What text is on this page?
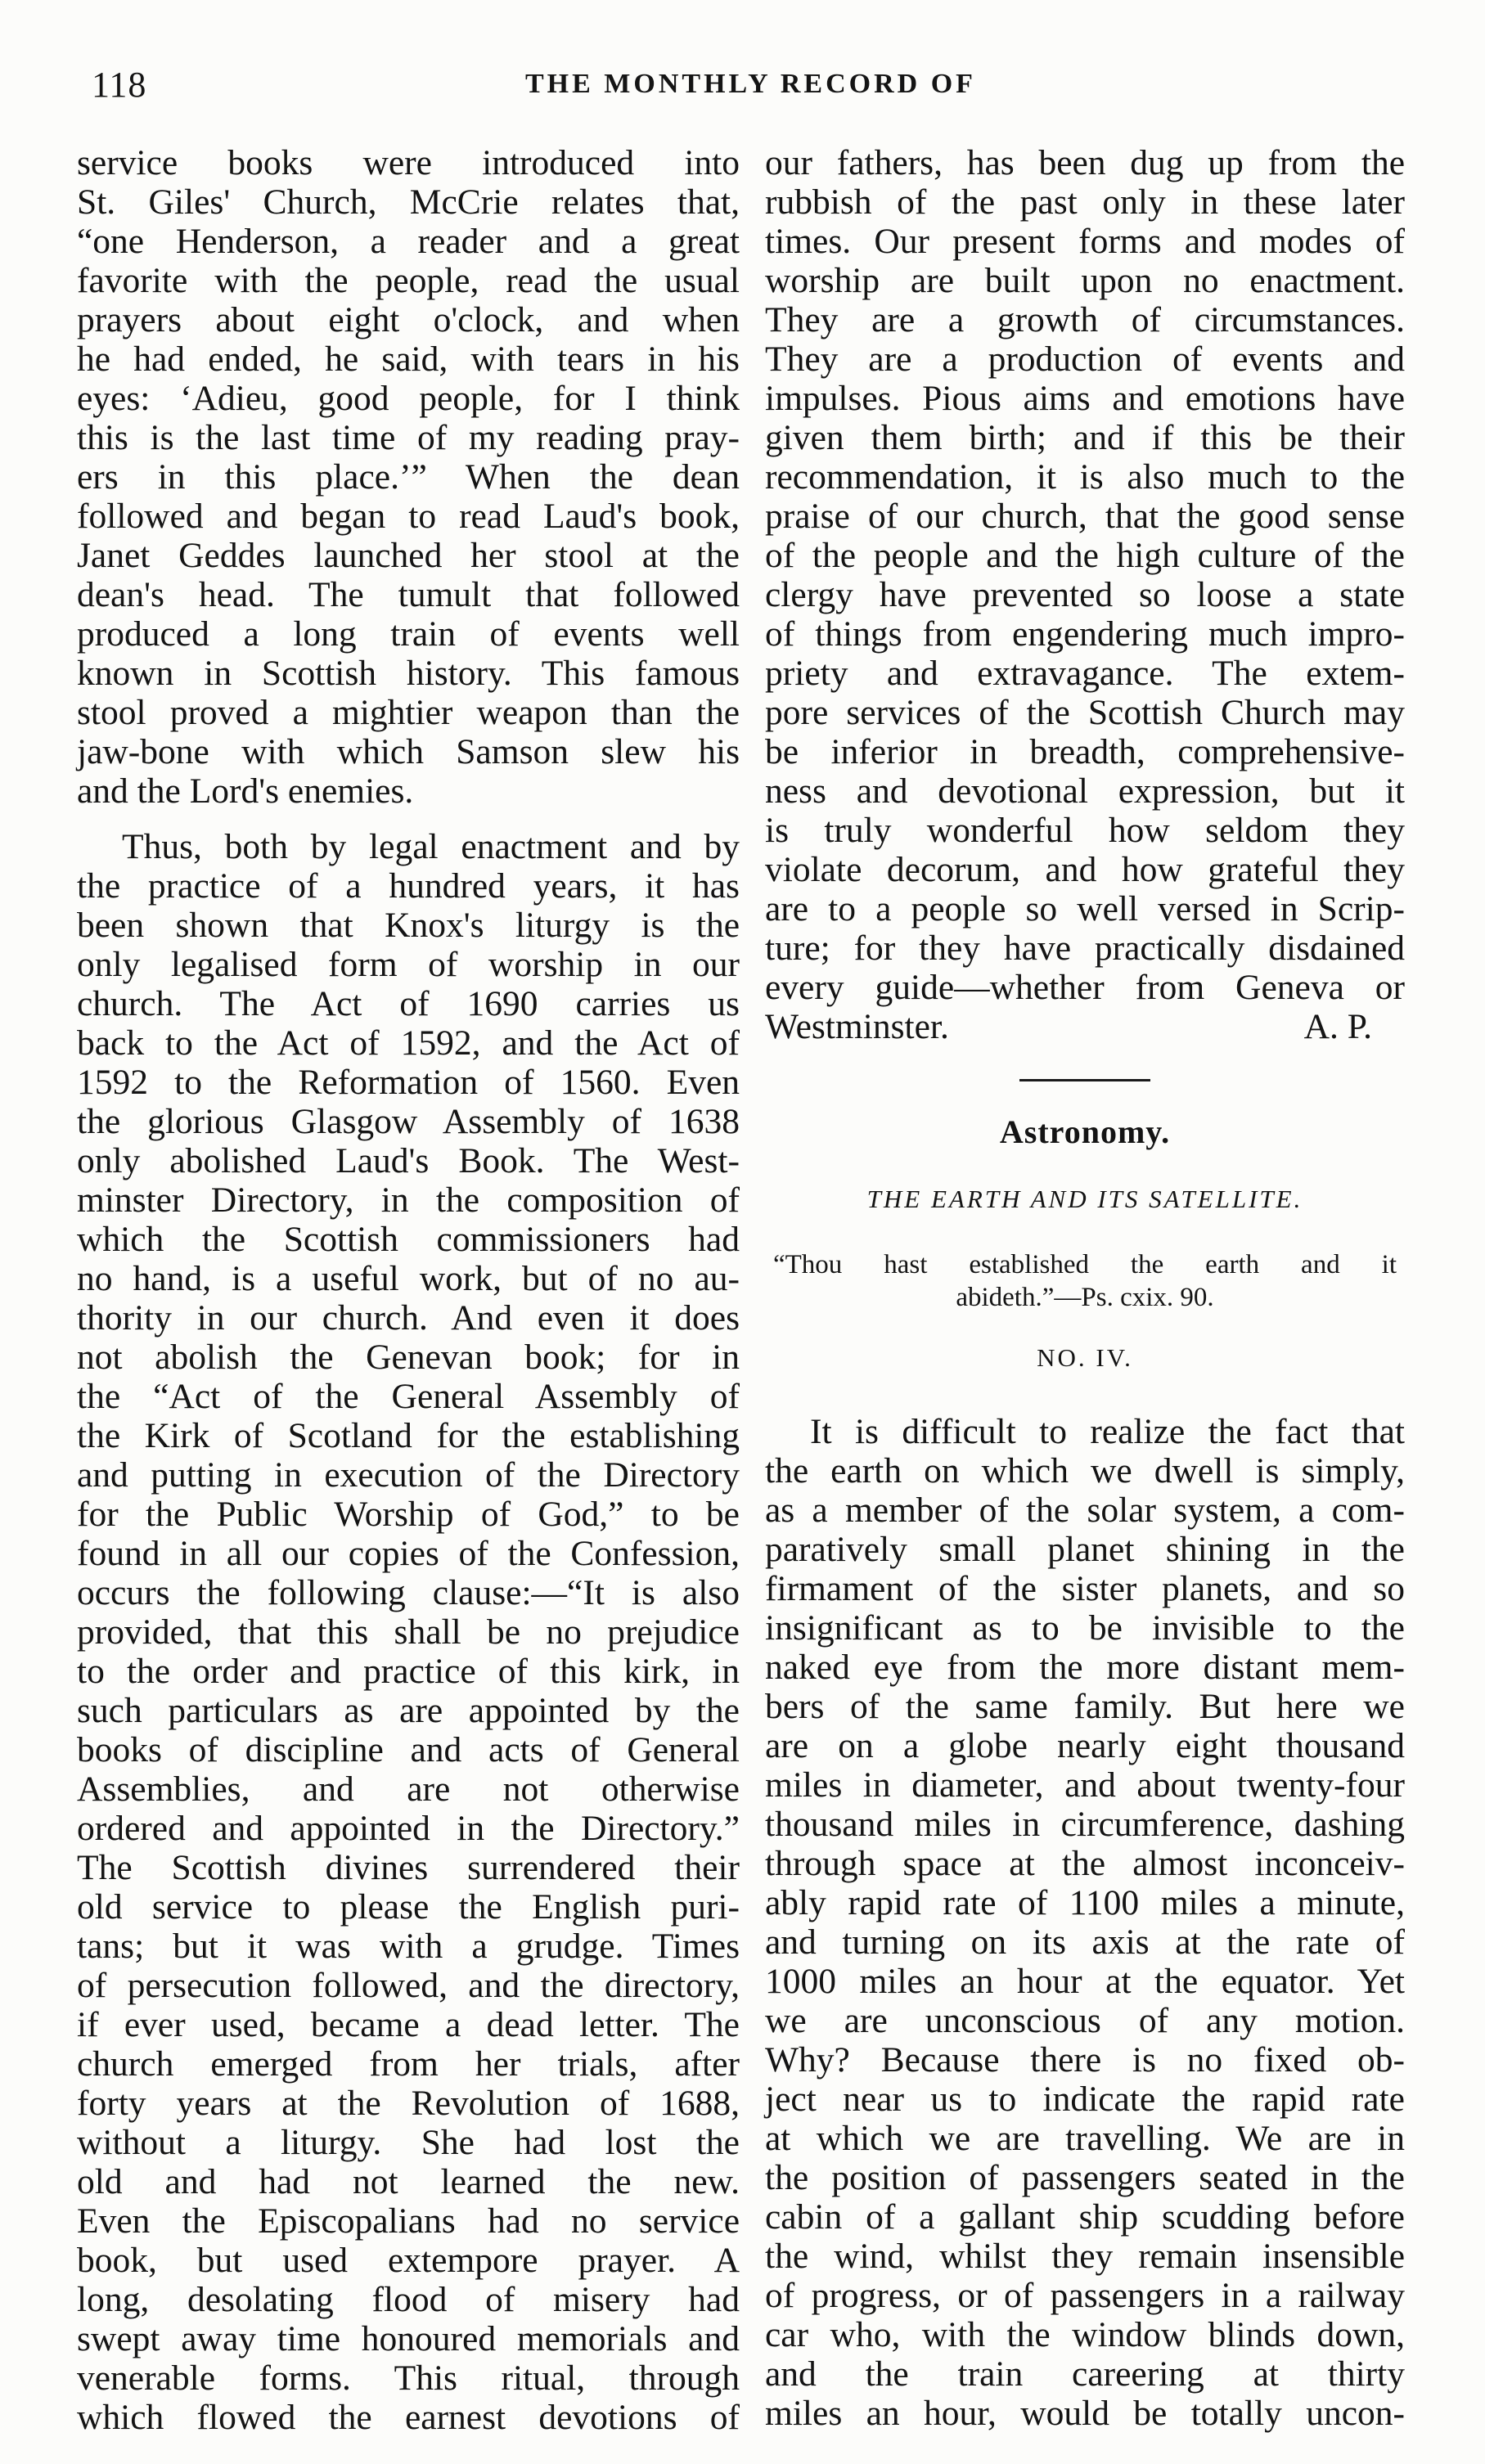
118	THE MONTHLY RECORD OF
service books were introduced into
St. Giles' Church, McCrie relates that,
“one Henderson, a reader and a great
favorite with the people, read the usual
prayers about eight o'clock, and when
he had ended, he said, with tears in his
eyes: ‘Adieu, good people, for I think
this is the last time of my reading pray-
ers in this place.’” When the dean
followed and began to read Laud's book,
Janet Geddes launched her stool at the
dean's head. The tumult that followed
produced a long train of events well
known in Scottish history. This famous
stool proved a mightier weapon than the
jaw-bone with which Samson slew his
and the Lord's enemies.
Thus, both by legal enactment and by
the practice of a hundred years, it has
been shown that Knox's liturgy is the
only legalised form of worship in our
church. The Act of 1690 carries us
back to the Act of 1592, and the Act of
1592 to the Reformation of 1560. Even
the glorious Glasgow Assembly of 1638
only abolished Laud's Book. The West-
minster Directory, in the composition of
which the Scottish commissioners had
no hand, is a useful work, but of no au-
thority in our church. And even it does
not abolish the Genevan book; for in
the “Act of the General Assembly of
the Kirk of Scotland for the establishing
and putting in execution of the Directory
for the Public Worship of God,” to be
found in all our copies of the Confession,
occurs the following clause:—“It is also
provided, that this shall be no prejudice
to the order and practice of this kirk, in
such particulars as are appointed by the
books of discipline and acts of General
Assemblies, and are not otherwise
ordered and appointed in the Directory.”
The Scottish divines surrendered their
old service to please the English puri-
tans; but it was with a grudge. Times
of persecution followed, and the directory,
if ever used, became a dead letter. The
church emerged from her trials, after
forty years at the Revolution of 1688,
without a liturgy. She had lost the
old and had not learned the new.
Even the Episcopalians had no service
book, but used extempore prayer. A
long, desolating flood of misery had
swept away time honoured memorials and
venerable forms. This ritual, through
which flowed the earnest devotions of
our fathers, has been dug up from the
rubbish of the past only in these later
times. Our present forms and modes of
worship are built upon no enactment.
They are a growth of circumstances.
They are a production of events and
impulses. Pious aims and emotions have
given them birth; and if this be their
recommendation, it is also much to the
praise of our church, that the good sense
of the people and the high culture of the
clergy have prevented so loose a state
of things from engendering much impro-
priety and extravagance. The extem-
pore services of the Scottish Church may
be inferior in breadth, comprehensive-
ness and devotional expression, but it
is truly wonderful how seldom they
violate decorum, and how grateful they
are to a people so well versed in Scrip-
ture; for they have practically disdained
every guide—whether from Geneva or
Westminster.	A. P.
Astronomy.
THE EARTH AND ITS SATELLITE.
“Thou hast established the earth and it
abideth.”—Ps. cxix. 90.
NO. IV.
It is difficult to realize the fact that
the earth on which we dwell is simply,
as a member of the solar system, a com-
paratively small planet shining in the
firmament of the sister planets, and so
insignificant as to be invisible to the
naked eye from the more distant mem-
bers of the same family. But here we
are on a globe nearly eight thousand
miles in diameter, and about twenty-four
thousand miles in circumference, dashing
through space at the almost inconceiv-
ably rapid rate of 1100 miles a minute,
and turning on its axis at the rate of
1000 miles an hour at the equator. Yet
we are unconscious of any motion.
Why? Because there is no fixed ob-
ject near us to indicate the rapid rate
at which we are travelling. We are in
the position of passengers seated in the
cabin of a gallant ship scudding before
the wind, whilst they remain insensible
of progress, or of passengers in a railway
car who, with the window blinds down,
and the train careering at thirty
miles an hour, would be totally uncon-
